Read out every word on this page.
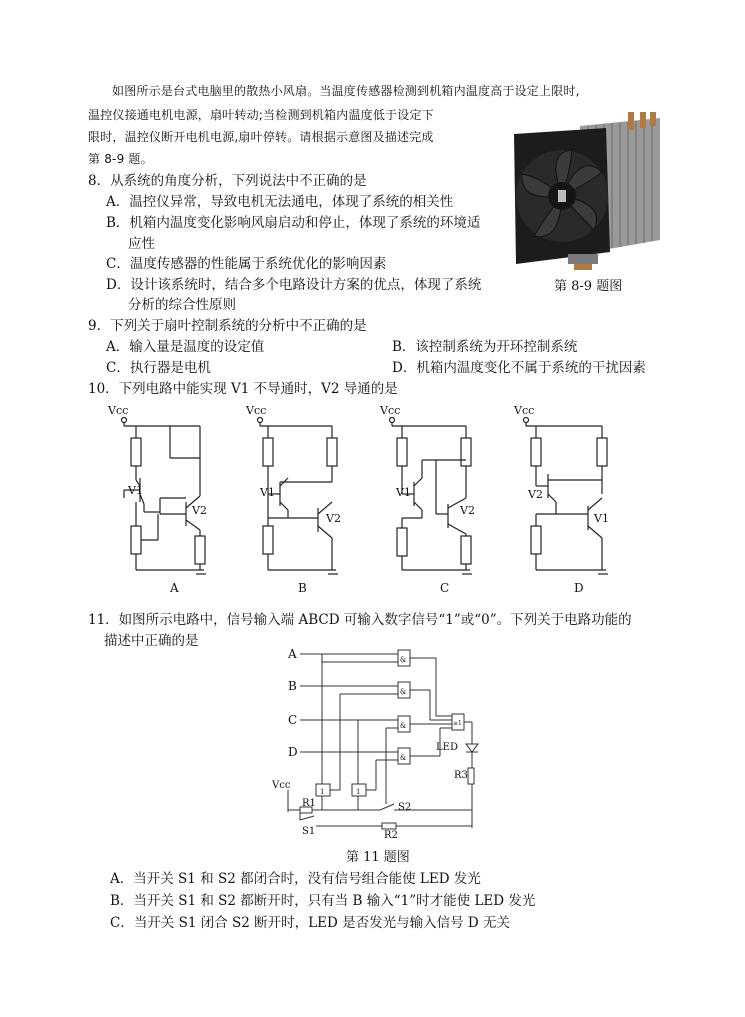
如图所示是台式电脑里的散热小风扇。当温度传感器检测到机箱内温度高于设定上限时,
温控仪接通电机电源，扇叶转动;当检测到机箱内温度低于设定下
限时，温控仪断开电机电源,扇叶停转。请根据示意图及描述完成
第 8-9 题。
第 8-9 题图
8．从系统的角度分析，下列说法中不正确的是
A．温控仪异常，导致电机无法通电，体现了系统的相关性
B．机箱内温度变化影响风扇启动和停止，体现了系统的环境适
应性
C．温度传感器的性能属于系统优化的影响因素
D．设计该系统时，结合多个电路设计方案的优点，体现了系统
分析的综合性原则
9．下列关于扇叶控制系统的分析中不正确的是
A．输入量是温度的设定值	B．该控制系统为开环控制系统
C．执行器是电机	D．机箱内温度变化不属于系统的干扰因素
10．下列电路中能实现 V1 不导通时，V2 导通的是
Vcc
V1
V2
A
Vcc
V1
V2
B
Vcc
V1
V2
C
Vcc
V2
V1
D
11．如图所示电路中，信号输入端 ABCD 可输入数字信号“1”或“0”。下列关于电路功能的
描述中正确的是
A
B
C
D
&
&
&
&
≥1
1	1
LED
R3
Vcc
R1	S2
S1	R2
第 11 题图
A．当开关 S1 和 S2 都闭合时，没有信号组合能使 LED 发光
B．当开关 S1 和 S2 都断开时，只有当 B 输入“1”时才能使 LED 发光
C．当开关 S1 闭合 S2 断开时，LED 是否发光与输入信号 D 无关
